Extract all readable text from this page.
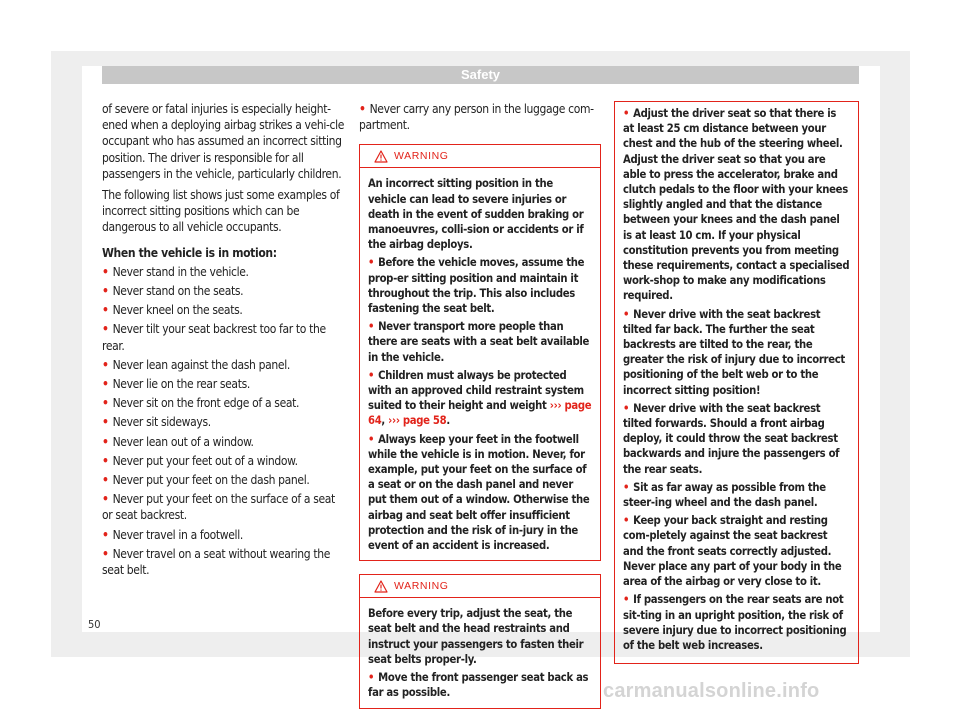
Safety

of severe or fatal injuries is especially height-ened when a deploying airbag strikes a vehi-cle occupant who has assumed an incorrect sitting position. The driver is responsible for all passengers in the vehicle, particularly children.

The following list shows just some examples of incorrect sitting positions which can be dangerous to all vehicle occupants.

When the vehicle is in motion:

• Never stand in the vehicle.

• Never stand on the seats.

• Never kneel on the seats.

• Never tilt your seat backrest too far to the rear.

• Never lean against the dash panel.

• Never lie on the rear seats.

• Never sit on the front edge of a seat.

• Never sit sideways.

• Never lean out of a window.

• Never put your feet out of a window.

• Never put your feet on the dash panel.

• Never put your feet on the surface of a seat or seat backrest.

• Never travel in a footwell.

• Never travel on a seat without wearing the seat belt.

• Never carry any person in the luggage com-partment.

WARNING

An incorrect sitting position in the vehicle can lead to severe injuries or death in the event of sudden braking or manoeuvres, colli-sion or accidents or if the airbag deploys.

• Before the vehicle moves, assume the prop-er sitting position and maintain it throughout the trip. This also includes fastening the seat belt.

• Never transport more people than there are seats with a seat belt available in the vehicle.

• Children must always be protected with an approved child restraint system suited to their height and weight ››› page 64, ››› page 58.

• Always keep your feet in the footwell while the vehicle is in motion. Never, for example, put your feet on the surface of a seat or on the dash panel and never put them out of a window. Otherwise the airbag and seat belt offer insufficient protection and the risk of in-jury in the event of an accident is increased.

WARNING

Before every trip, adjust the seat, the seat belt and the head restraints and instruct your passengers to fasten their seat belts proper-ly.

• Move the front passenger seat back as far as possible.

• Adjust the driver seat so that there is at least 25 cm distance between your chest and the hub of the steering wheel. Adjust the driver seat so that you are able to press the accelerator, brake and clutch pedals to the floor with your knees slightly angled and that the distance between your knees and the dash panel is at least 10 cm. If your physical constitution prevents you from meeting these requirements, contact a specialised work-shop to make any modifications required.

• Never drive with the seat backrest tilted far back. The further the seat backrests are tilted to the rear, the greater the risk of injury due to incorrect positioning of the belt web or to the incorrect sitting position!

• Never drive with the seat backrest tilted forwards. Should a front airbag deploy, it could throw the seat backrest backwards and injure the passengers of the rear seats.

• Sit as far away as possible from the steer-ing wheel and the dash panel.

• Keep your back straight and resting com-pletely against the seat backrest and the front seats correctly adjusted. Never place any part of your body in the area of the airbag or very close to it.

• If passengers on the rear seats are not sit-ting in an upright position, the risk of severe injury due to incorrect positioning of the belt web increases.

50
carmanualsonline.info
